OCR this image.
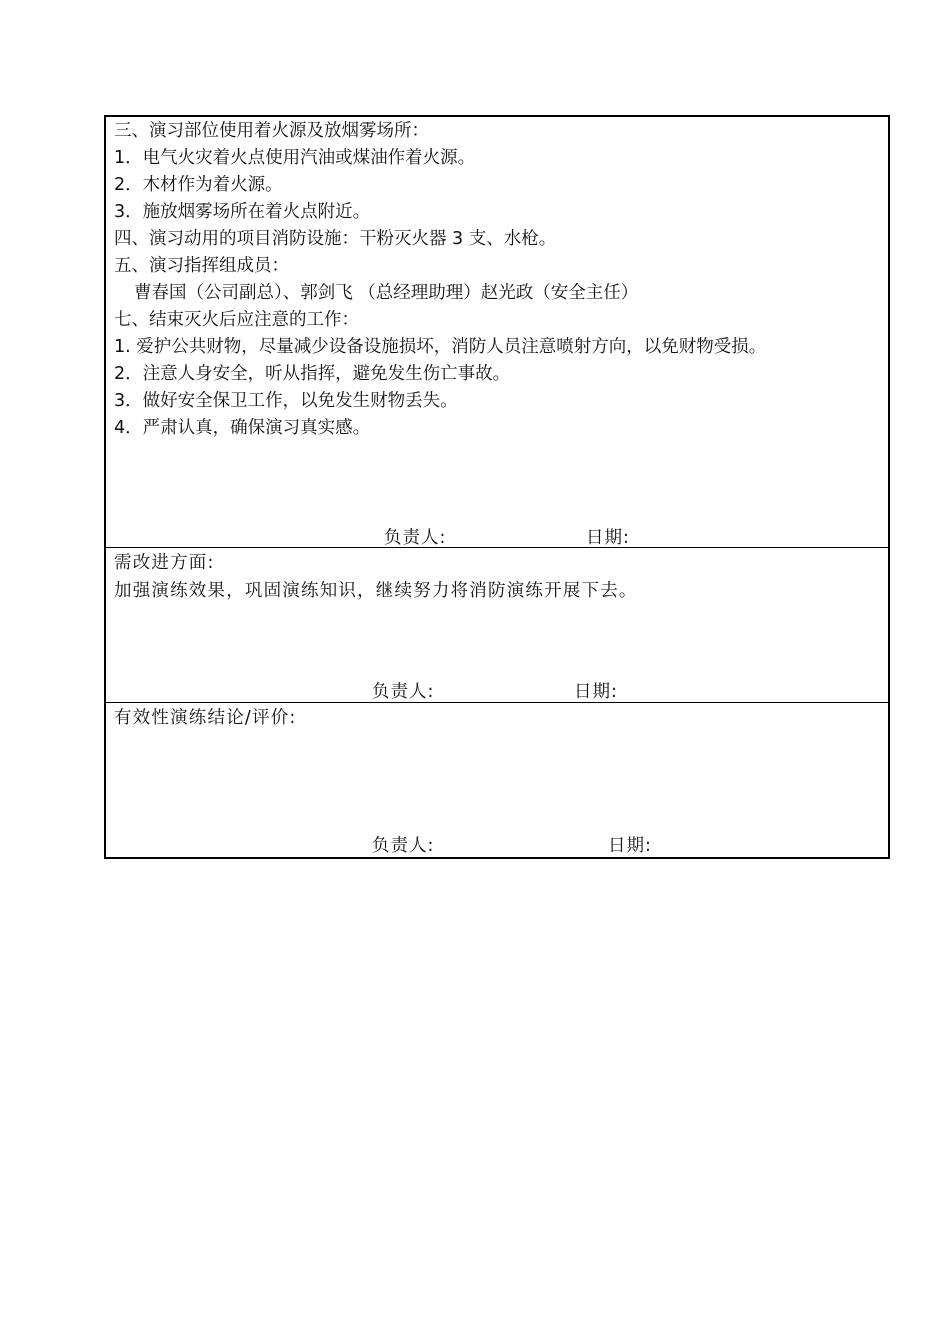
三、演习部位使用着火源及放烟雾场所：
1．电气火灾着火点使用汽油或煤油作着火源。
2．木材作为着火源。
3．施放烟雾场所在着火点附近。
四、演习动用的项目消防设施：干粉灭火器 3 支、水枪。
五、演习指挥组成员：
曹春国（公司副总）、郭剑飞 （总经理助理）赵光政（安全主任）
七、结束灭火后应注意的工作：
1. 爱护公共财物，尽量减少设备设施损坏，消防人员注意喷射方向，以免财物受损。
2．注意人身安全，听从指挥，避免发生伤亡事故。
3．做好安全保卫工作，以免发生财物丢失。
4．严肃认真，确保演习真实感。
负责人:	日期:
需改进方面:
加强演练效果，巩固演练知识，继续努力将消防演练开展下去。
负责人:	日期:
有效性演练结论/评价:
负责人:	日期:
